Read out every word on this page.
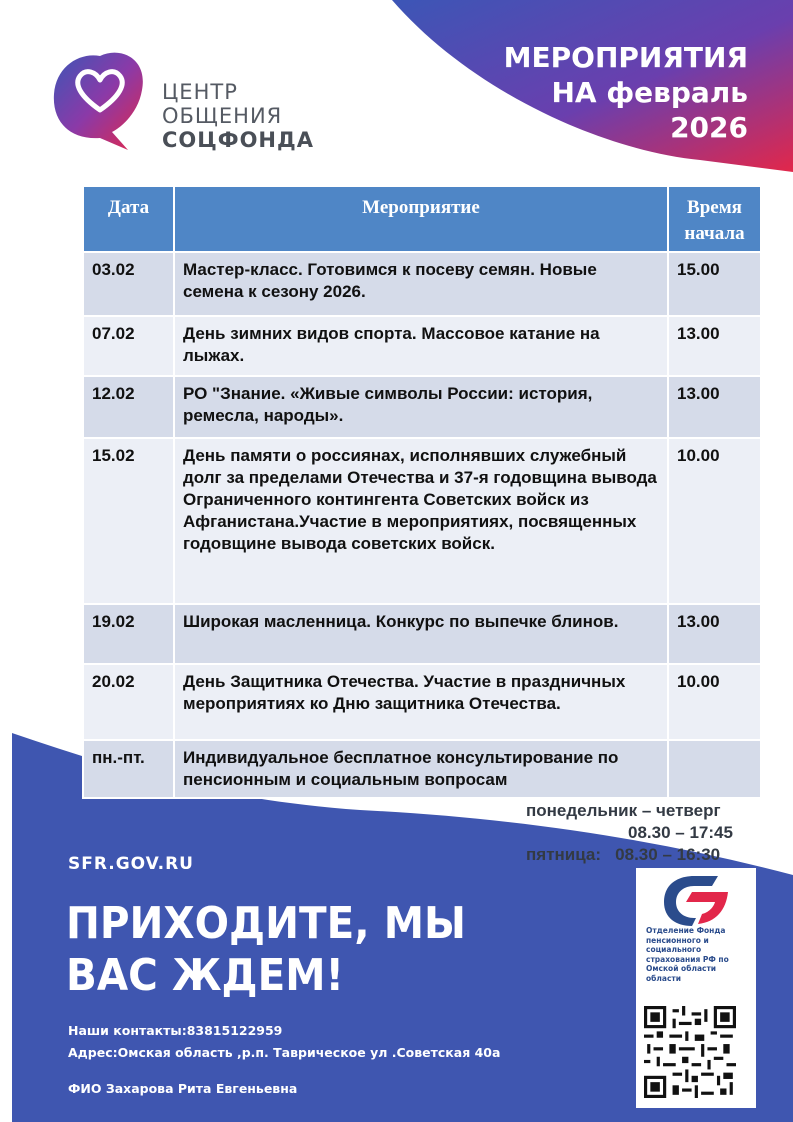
ЦЕНТР
ОБЩЕНИЯ
СОЦФОНДА
МЕРОПРИЯТИЯ
НА февраль
2026
Дата	Мероприятие	Время
начала

03.02	Мастер-класс. Готовимся к посеву семян. Новые семена к сезону 2026.	15.00
07.02	День зимних видов спорта. Массовое катание на лыжах.	13.00
12.02	РО "Знание. «Живые символы России: история, ремесла, народы».	13.00
15.02	День памяти о россиянах, исполнявших служебный долг за пределами Отечества и 37-я годовщина вывода Ограниченного контингента Советских войск из Афганистана.Участие в мероприятиях, посвященных годовщине вывода советских войск.	10.00
19.02	Широкая масленница. Конкурс по выпечке блинов.	13.00
20.02	День Защитника Отечества. Участие в праздничных мероприятиях ко Дню защитника Отечества.	10.00
пн.-пт.	Индивидуальное бесплатное консультирование по пенсионным и социальным вопросам	
понедельник – четверг
08.30 – 17:45
пятница:   08.30 – 16:30
SFR.GOV.RU
ПРИХОДИТЕ, МЫ
ВАС ЖДЕМ!
Наши контакты:83815122959
Адрес:Омская область ,р.п. Таврическое ул .Советская 40а
ФИО Захарова Рита Евгеньевна
Отделение Фонда пенсионного и социального страхования РФ по Омской области области
